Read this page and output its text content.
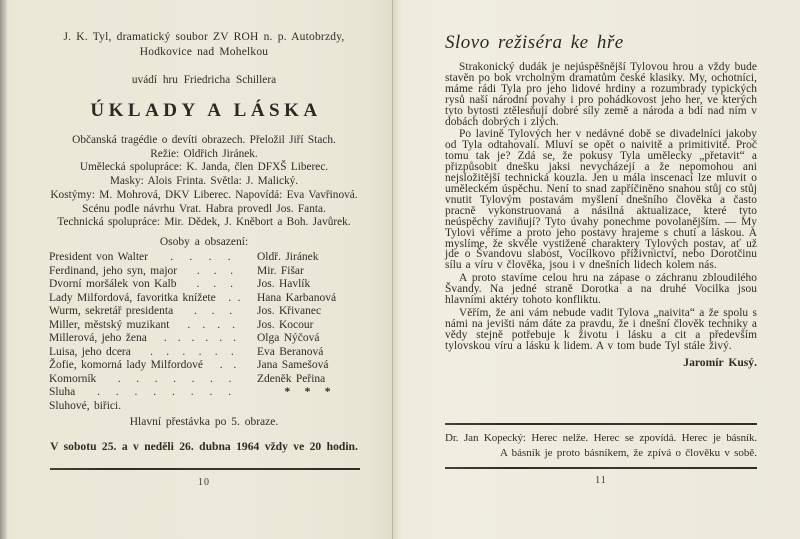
J. K. Tyl, dramatický soubor ZV ROH n. p. Autobrzdy,
Hodkovice nad Mohelkou
uvádí hru Friedricha Schillera
ÚKLADY A LÁSKA
Občanská tragédie o devíti obrazech. Přeložil Jiří Stach.
Režie: Oldřich Jiránek.
Umělecká spolupráce: K. Janda, člen DFXŠ Liberec.
Masky: Alois Frinta. Světla: J. Malický.
Kostýmy: M. Mohrová, DKV Liberec. Napovídá: Eva Vavřinová.
Scénu podle návrhu Vrat. Habra provedl Jos. Fanta.
Technická spolupráce: Mir. Dědek, J. Kněbort a Boh. Javůrek.
Osoby a obsazení:
President von Walter . . . . Oldř. Jiránek
Ferdinand, jeho syn, major . . . Mir. Fišar
Dvorní moršálek von Kalb . . . Jos. Havlík
Lady Milfordová, favoritka knížete . . Hana Karbanová
Wurm, sekretář presidenta . . . Jos. Křivanec
Miller, městský muzikant . . . . Jos. Kocour
Millerová, jeho žena . . . . . . Olga Nýčová
Luisa, jeho dcera . . . . . . Eva Beranová
Žofie, komorná lady Milfordové . . Jana Samešová
Komorník . . . . . . . Zdeněk Peřina
Sluha . . . . . . . .	* * *
Sluhové, biřici.
Hlavní přestávka po 5. obraze.
V sobotu 25. a v neděli 26. dubna 1964 vždy ve 20 hodin.
10
Slovo režiséra ke hře

Strakonický dudák je nejúspěšnější Tylovou hrou a vždy bude stavěn po bok vrcholným dramatům české klasiky. My, ochotníci, máme rádi Tyla pro jeho lidové hrdiny a rozumbrady typických rysů naší národní povahy i pro pohádkovost jeho her, ve kterých tyto bytosti ztělesňují dobré síly země a národa a bdí nad ním v dobách dobrých i zlých.

Po lavině Tylových her v nedávné době se divadelníci jakoby od Tyla odtahovali. Mluví se opět o naivitě a primitivitě. Proč tomu tak je? Zdá se, že pokusy Tyla umělecky „přetavit“ a přizpůsobit dnešku jaksi nevycházejí a že nepomohou ani nejsložitější technická kouzla. Jen u mála inscenací lze mluvit o uměleckém úspěchu. Není to snad zapříčiněno snahou stůj co stůj vnutit Tylovým postavám myšlení dnešního člověka a často pracně vykonstruovaná a násilná aktualizace, které tyto neúspěchy zaviňují? Tyto úvahy ponechme povolanějším. — My Tylovi věříme a proto jeho postavy hrajeme s chutí a láskou. A myslíme, že skvěle vystižené charaktery Tylových postav, ať už jde o Švandovu slabost, Vocílkovo příživnictví, nebo Dorotčinu sílu a víru v člověka, jsou i v dnešních lidech kolem nás.

A proto stavíme celou hru na zápase o záchranu zbloudilého Švandy. Na jedné straně Dorotka a na druhé Vocilka jsou hlavními aktéry tohoto konfliktu.

Věřím, že ani vám nebude vadit Tylova „naivita“ a že spolu s námi na jevišti nám dáte za pravdu, že i dnešní člověk techniky a vědy stejně potřebuje k životu i lásku a cit a především tylovskou víru a lásku k lidem. A v tom bude Tyl stále živý.

Jaromír Kusý.
Dr. Jan Kopecký: Herec nelže. Herec se zpovídá. Herec je básník.
A básník je proto básníkem, že zpívá o člověku v sobě.
11
